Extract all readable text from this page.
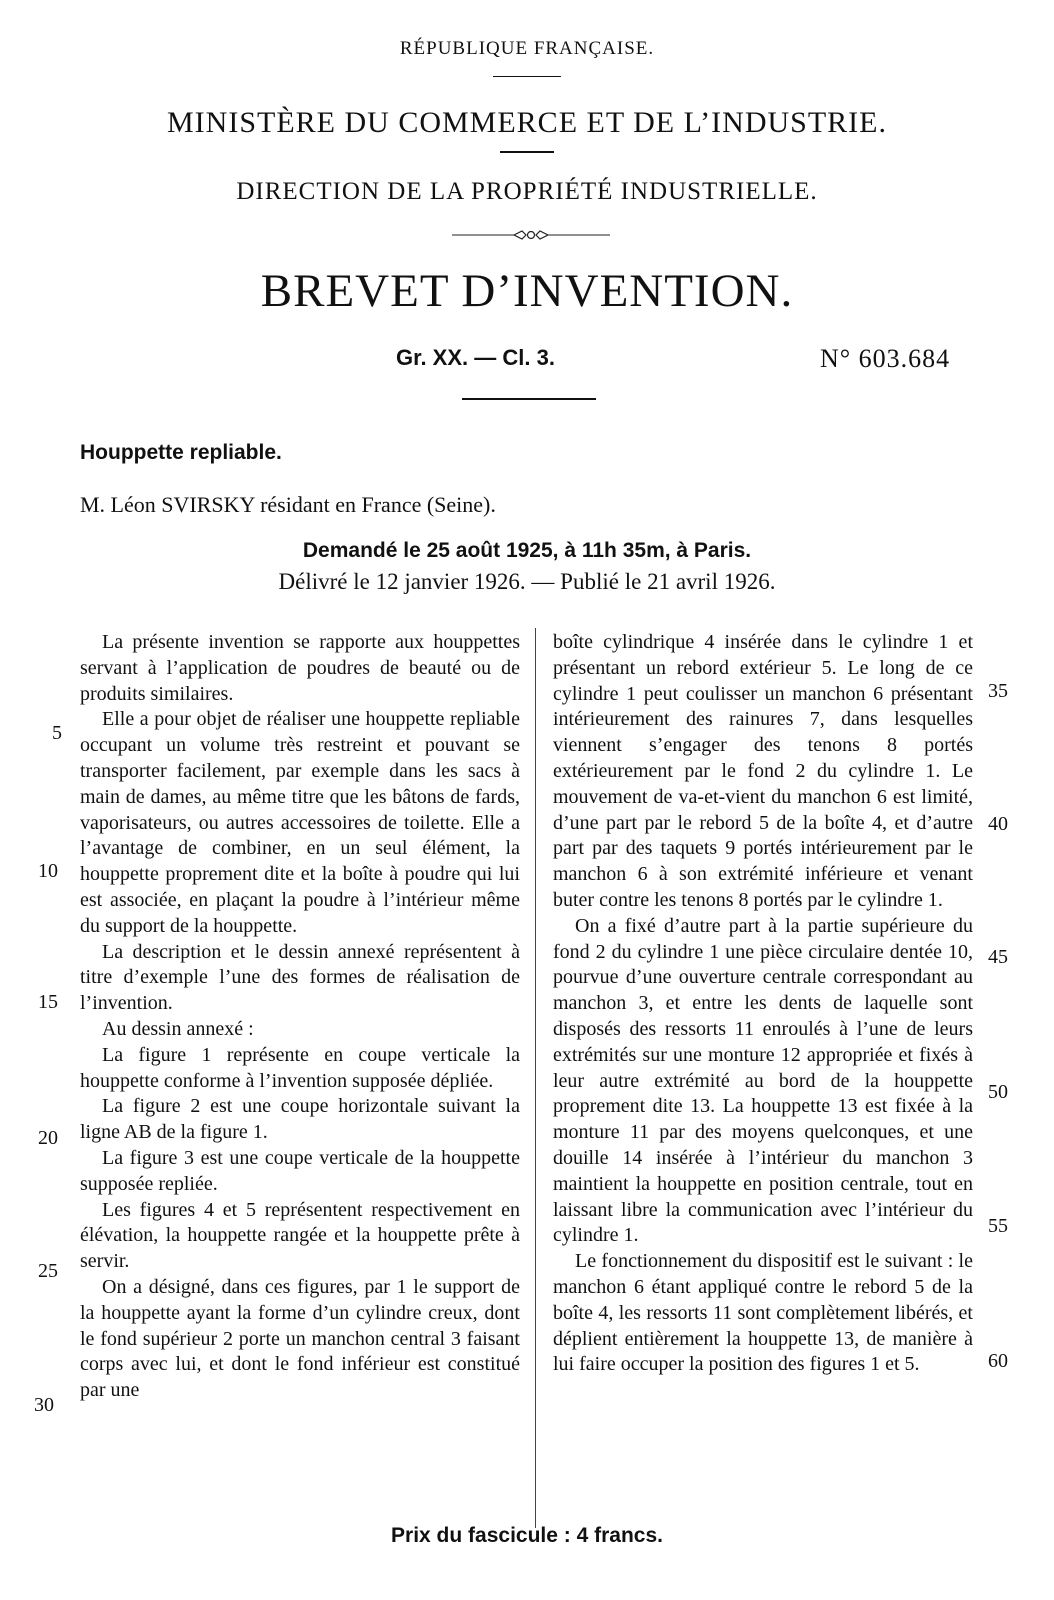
RÉPUBLIQUE FRANÇAISE.
MINISTÈRE DU COMMERCE ET DE L’INDUSTRIE.
DIRECTION DE LA PROPRIÉTÉ INDUSTRIELLE.
BREVET D’INVENTION.
Gr. XX. — Cl. 3.	N° 603.684
Houppette repliable.
M. Léon SVIRSKY résidant en France (Seine).
Demandé le 25 août 1925, à 11h 35m, à Paris.
Délivré le 12 janvier 1926. — Publié le 21 avril 1926.

La présente invention se rapporte aux houppettes servant à l’application de poudres de beauté ou de produits similaires.

Elle a pour objet de réaliser une houppette repliable occupant un volume très restreint et pouvant se transporter facilement, par exemple dans les sacs à main de dames, au même titre que les bâtons de fards, vaporisateurs, ou autres accessoires de toilette. Elle a l’avantage de combiner, en un seul élément, la houppette proprement dite et la boîte à poudre qui lui est associée, en plaçant la poudre à l’intérieur même du support de la houppette.

La description et le dessin annexé représentent à titre d’exemple l’une des formes de réalisation de l’invention.

Au dessin annexé :

La figure 1 représente en coupe verticale la houppette conforme à l’invention supposée dépliée.

La figure 2 est une coupe horizontale suivant la ligne AB de la figure 1.

La figure 3 est une coupe verticale de la houppette supposée repliée.

Les figures 4 et 5 représentent respectivement en élévation, la houppette rangée et la houppette prête à servir.

On a désigné, dans ces figures, par 1 le support de la houppette ayant la forme d’un cylindre creux, dont le fond supérieur 2 porte un manchon central 3 faisant corps avec lui, et dont le fond inférieur est constitué par une

boîte cylindrique 4 insérée dans le cylindre 1 et présentant un rebord extérieur 5. Le long de ce cylindre 1 peut coulisser un manchon 6 présentant intérieurement des rainures 7, dans lesquelles viennent s’engager des tenons 8 portés extérieurement par le fond 2 du cylindre 1. Le mouvement de va-et-vient du manchon 6 est limité, d’une part par le rebord 5 de la boîte 4, et d’autre part par des taquets 9 portés intérieurement par le manchon 6 à son extrémité inférieure et venant buter contre les tenons 8 portés par le cylindre 1.

On a fixé d’autre part à la partie supérieure du fond 2 du cylindre 1 une pièce circulaire dentée 10, pourvue d’une ouverture centrale correspondant au manchon 3, et entre les dents de laquelle sont disposés des ressorts 11 enroulés à l’une de leurs extrémités sur une monture 12 appropriée et fixés à leur autre extrémité au bord de la houppette proprement dite 13. La houppette 13 est fixée à la monture 11 par des moyens quelconques, et une douille 14 insérée à l’intérieur du manchon 3 maintient la houppette en position centrale, tout en laissant libre la communication avec l’intérieur du cylindre 1.

Le fonctionnement du dispositif est le suivant : le manchon 6 étant appliqué contre le rebord 5 de la boîte 4, les ressorts 11 sont complètement libérés, et déplient entièrement la houppette 13, de manière à lui faire occuper la position des figures 1 et 5.

5
10
15
20
25
30
35
40
45
50
55
60
Prix du fascicule : 4 francs.
